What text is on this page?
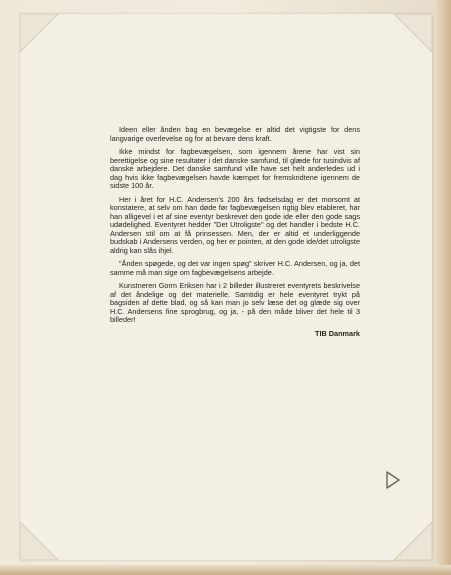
Ideen eller ånden bag en bevægelse er altid det vigtigste for dens langvarige overlevelse og for at bevare dens kraft.

Ikke mindst for fagbevægelsen, som igennem årene har vist sin berettigelse og sine resultater i det danske samfund, til glæde for tusindvis af danske arbejdere. Det danske samfund ville have set helt anderledes ud i dag hvis ikke fagbevægelsen havde kæmpet for fremskridtene igennem de sidste 100 år.

Her i året for H.C. Andersen's 200 års fødselsdag er det morsomt at konstatere, at selv om han døde før fagbevægelsen rigtig blev etableret, har han alligevel i et af sine eventyr beskrevet den gode ide eller den gode sags udødelighed. Eventyret hedder "Det Utroligste" og det handler i bedste H.C. Andersen stil om at få prinsessen. Men, der er altid et underliggende budskab i Andersens verden, og her er pointen, at den gode ide/det utroligste aldrig kan slås ihjel.

"Ånden spøgede, og det var ingen spøg" skriver H.C. Andersen, og ja, det samme må man sige om fagbevægelsens arbejde.

Kunstneren Gorm Eriksen har i 2 billeder illustreret eventyrets beskrivelse af det åndelige og det materielle. Samtidig er hele eventyret trykt på bagsiden af dette blad, og så kan man jo selv læse det og glæde sig over H.C. Andersens fine sprogbrug, og ja, - på den måde bliver det hele til 3 billeder!

TIB Danmark
